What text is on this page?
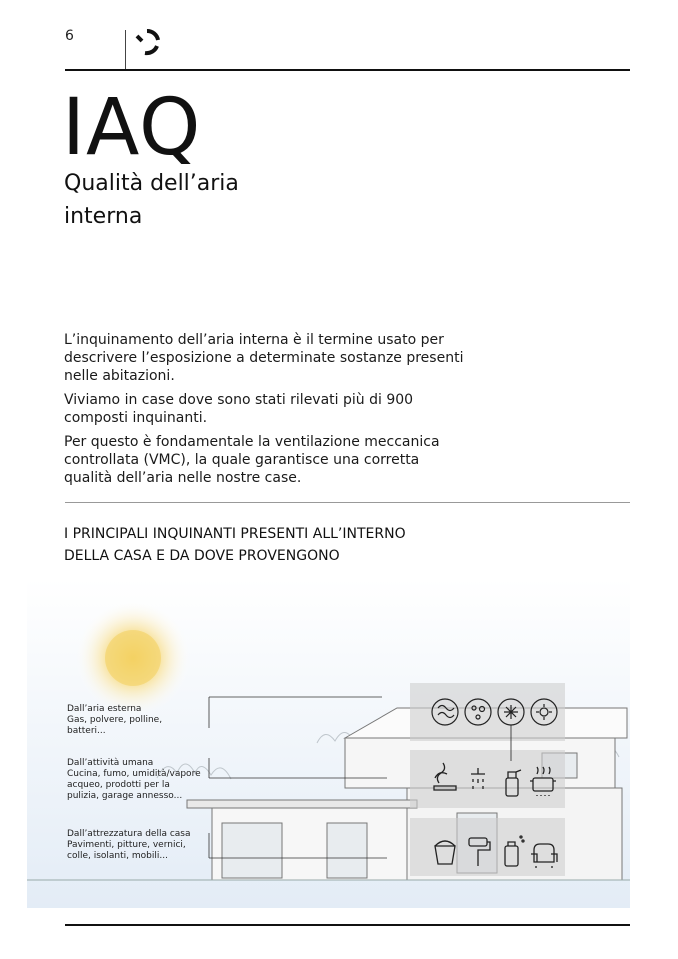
6
IAQ
Qualità dell’aria
interna

L’inquinamento dell’aria interna è il termine usato per descrivere l’esposizione a determinate sostanze presenti nelle abitazioni.

Viviamo in case dove sono stati rilevati più di 900 composti inquinanti.

Per questo è fondamentale la ventilazione meccanica controllata (VMC), la quale garantisce una corretta qualità dell’aria nelle nostre case.

I PRINCIPALI INQUINANTI PRESENTI ALL’INTERNO
DELLA CASA E DA DOVE PROVENGONO
Dall’aria esterna
Gas, polvere, polline, batteri...
Dall’attività umana
Cucina, fumo, umidità/vapore acqueo, prodotti per la pulizia, garage annesso...
Dall’attrezzatura della casa
Pavimenti, pitture, vernici, colle, isolanti, mobili...
